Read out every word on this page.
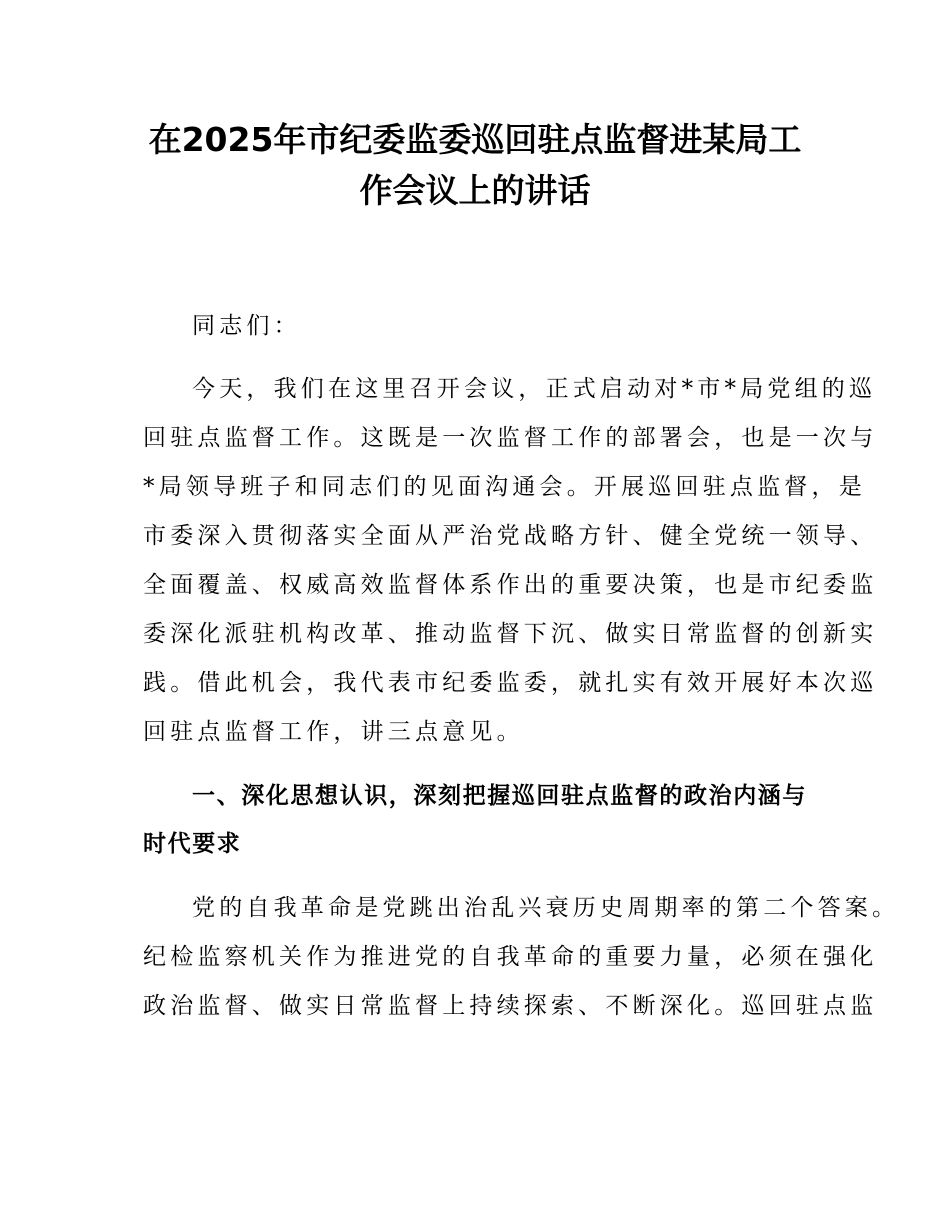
在2025年市纪委监委巡回驻点监督进某局工
作会议上的讲话
同志们：
今天，我们在这里召开会议，正式启动对*市*局党组的巡
回驻点监督工作。这既是一次监督工作的部署会，也是一次与
*局领导班子和同志们的见面沟通会。开展巡回驻点监督，是
市委深入贯彻落实全面从严治党战略方针、健全党统一领导、
全面覆盖、权威高效监督体系作出的重要决策，也是市纪委监
委深化派驻机构改革、推动监督下沉、做实日常监督的创新实
践。借此机会，我代表市纪委监委，就扎实有效开展好本次巡
回驻点监督工作，讲三点意见。
一、深化思想认识，深刻把握巡回驻点监督的政治内涵与
时代要求
党的自我革命是党跳出治乱兴衰历史周期率的第二个答案。
纪检监察机关作为推进党的自我革命的重要力量，必须在强化
政治监督、做实日常监督上持续探索、不断深化。巡回驻点监
